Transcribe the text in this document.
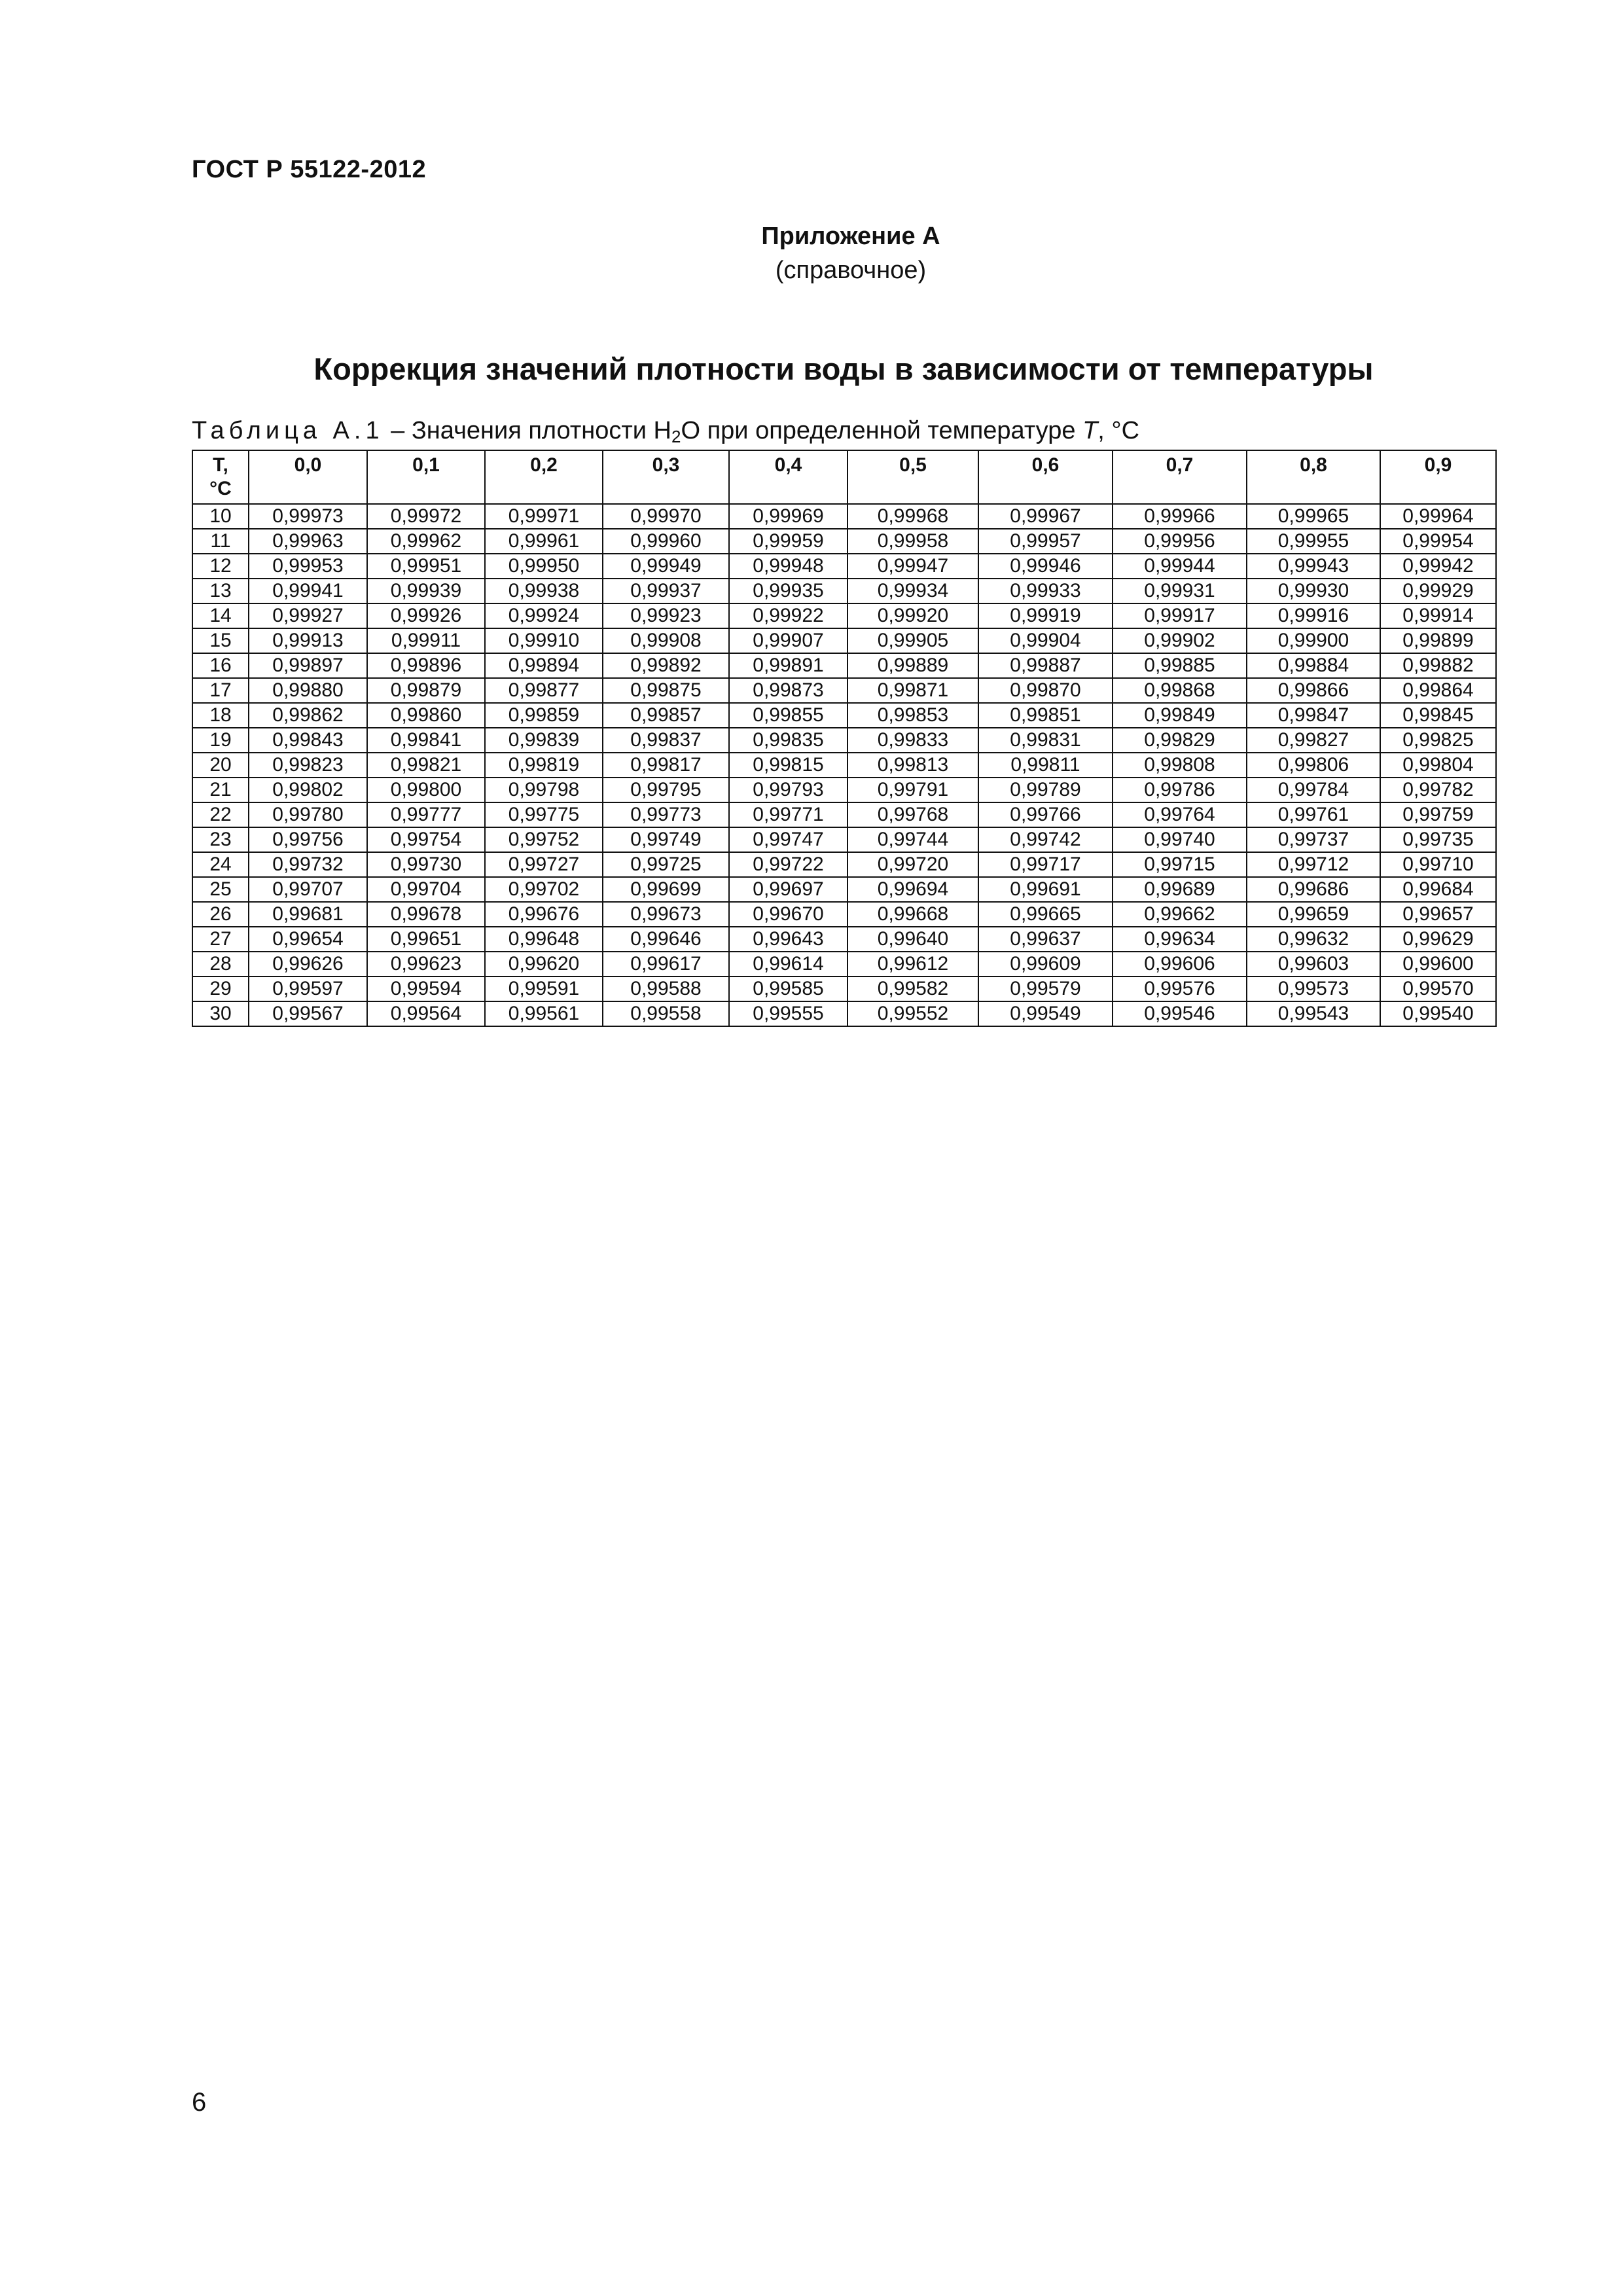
ГОСТ Р 55122-2012
Приложение А
(справочное)
Коррекция значений плотности воды в зависимости от температуры
Таблица А.1 – Значения плотности $H_2O$ при определенной температуре T, °С
Т,
°С	0,0	0,1	0,2	0,3	0,4	0,5	0,6	0,7	0,8	0,9
10	0,99973	0,99972	0,99971	0,99970	0,99969	0,99968	0,99967	0,99966	0,99965	0,99964
11	0,99963	0,99962	0,99961	0,99960	0,99959	0,99958	0,99957	0,99956	0,99955	0,99954
12	0,99953	0,99951	0,99950	0,99949	0,99948	0,99947	0,99946	0,99944	0,99943	0,99942
13	0,99941	0,99939	0,99938	0,99937	0,99935	0,99934	0,99933	0,99931	0,99930	0,99929
14	0,99927	0,99926	0,99924	0,99923	0,99922	0,99920	0,99919	0,99917	0,99916	0,99914
15	0,99913	0,99911	0,99910	0,99908	0,99907	0,99905	0,99904	0,99902	0,99900	0,99899
16	0,99897	0,99896	0,99894	0,99892	0,99891	0,99889	0,99887	0,99885	0,99884	0,99882
17	0,99880	0,99879	0,99877	0,99875	0,99873	0,99871	0,99870	0,99868	0,99866	0,99864
18	0,99862	0,99860	0,99859	0,99857	0,99855	0,99853	0,99851	0,99849	0,99847	0,99845
19	0,99843	0,99841	0,99839	0,99837	0,99835	0,99833	0,99831	0,99829	0,99827	0,99825
20	0,99823	0,99821	0,99819	0,99817	0,99815	0,99813	0,99811	0,99808	0,99806	0,99804
21	0,99802	0,99800	0,99798	0,99795	0,99793	0,99791	0,99789	0,99786	0,99784	0,99782
22	0,99780	0,99777	0,99775	0,99773	0,99771	0,99768	0,99766	0,99764	0,99761	0,99759
23	0,99756	0,99754	0,99752	0,99749	0,99747	0,99744	0,99742	0,99740	0,99737	0,99735
24	0,99732	0,99730	0,99727	0,99725	0,99722	0,99720	0,99717	0,99715	0,99712	0,99710
25	0,99707	0,99704	0,99702	0,99699	0,99697	0,99694	0,99691	0,99689	0,99686	0,99684
26	0,99681	0,99678	0,99676	0,99673	0,99670	0,99668	0,99665	0,99662	0,99659	0,99657
27	0,99654	0,99651	0,99648	0,99646	0,99643	0,99640	0,99637	0,99634	0,99632	0,99629
28	0,99626	0,99623	0,99620	0,99617	0,99614	0,99612	0,99609	0,99606	0,99603	0,99600
29	0,99597	0,99594	0,99591	0,99588	0,99585	0,99582	0,99579	0,99576	0,99573	0,99570
30	0,99567	0,99564	0,99561	0,99558	0,99555	0,99552	0,99549	0,99546	0,99543	0,99540
6
